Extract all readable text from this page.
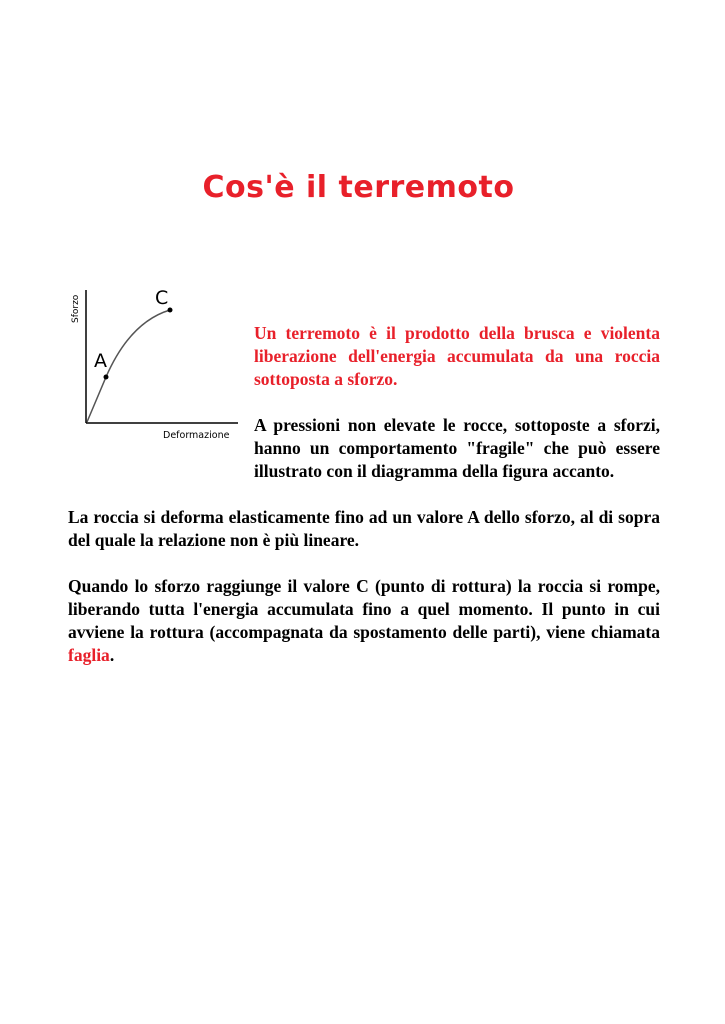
Cos'è il terremoto
A
C
Sforzo
Deformazione

Un terremoto è il prodotto della brusca e violenta liberazione dell'energia accumulata da una roccia sottoposta a sforzo.

A pressioni non elevate le rocce, sottoposte a sforzi, hanno un comportamento "fragile" che può essere illustrato con il diagramma della figura accanto.

La roccia si deforma elasticamente fino ad un valore A dello sforzo, al di sopra del quale la relazione non è più lineare.

Quando lo sforzo raggiunge il valore C (punto di rottura) la roccia si rompe, liberando tutta l'energia accumulata fino a quel momento. Il punto in cui avviene la rottura (accompagnata da spostamento delle parti), viene chiamata faglia.
